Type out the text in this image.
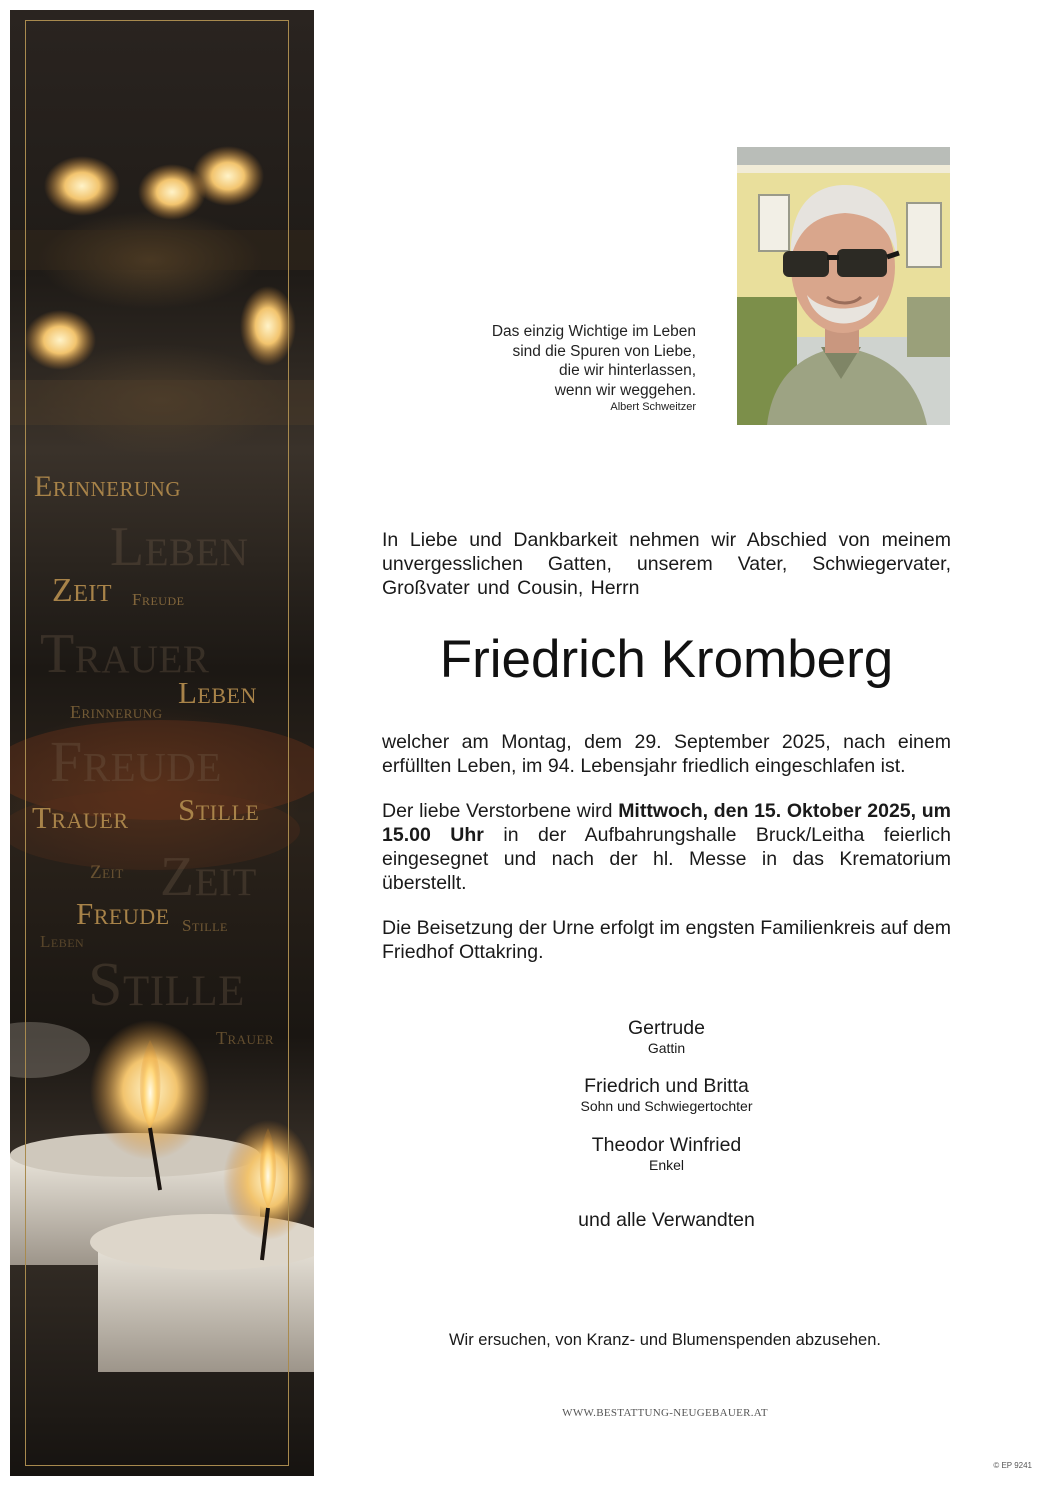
Erinnerung
Leben
Zeit Freude
Trauer
Leben
Erinnerung
Freude
Trauer Stille
Zeit
Zeit
Freude Stille
Leben
Stille
Trauer
Das einzig Wichtige im Leben
sind die Spuren von Liebe,
die wir hinterlassen,
wenn wir weggehen.
Albert Schweitzer
In Liebe und Dankbarkeit nehmen wir Abschied von meinem unvergesslichen Gatten, unserem Vater, Schwiegervater, Großvater und Cousin, Herrn
Friedrich Kromberg
welcher am Montag, dem 29. September 2025, nach einem erfüllten Leben, im 94. Lebensjahr friedlich eingeschlafen ist.
Der liebe Verstorbene wird Mittwoch, den 15. Oktober 2025, um 15.00 Uhr in der Aufbahrungshalle Bruck/Leitha feierlich eingesegnet und nach der hl. Messe in das Krematorium überstellt.
Die Beisetzung der Urne erfolgt im engsten Familienkreis auf dem Friedhof Ottakring.
Gertrude
Gattin
Friedrich und Britta
Sohn und Schwiegertochter
Theodor Winfried
Enkel
und alle Verwandten
Wir ersuchen, von Kranz- und Blumenspenden abzusehen.
WWW.BESTATTUNG-NEUGEBAUER.AT
© EP 9241
